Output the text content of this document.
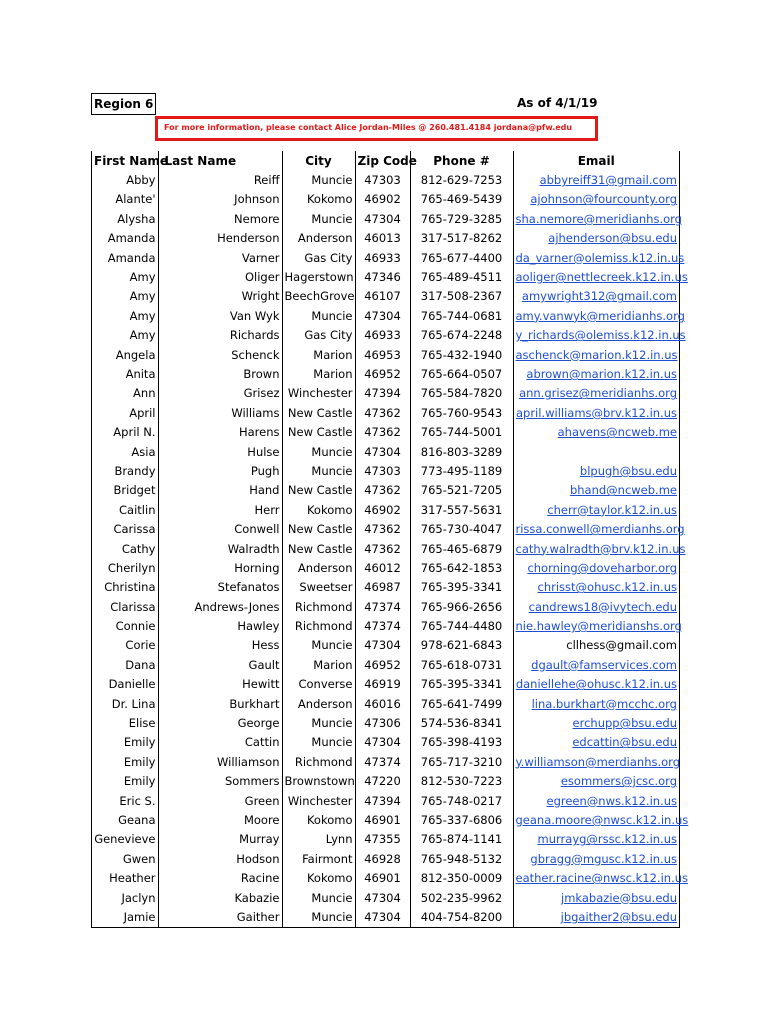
Region 6	As of 4/1/19
For more information, please contact Alice Jordan-Miles @ 260.481.4184 jordana@pfw.edu
First Name	Last Name	City	Zip Code	Phone #	Email
Abby	Reiff	Muncie	47303	812-629-7253	abbyreiff31@gmail.com
Alante'	Johnson	Kokomo	46902	765-469-5439	ajohnson@fourcounty.org
Alysha	Nemore	Muncie	47304	765-729-3285	sha.nemore@meridianhs.org
Amanda	Henderson	Anderson	46013	317-517-8262	ajhenderson@bsu.edu
Amanda	Varner	Gas City	46933	765-677-4400	da_varner@olemiss.k12.in.us
Amy	Oliger	Hagerstown	47346	765-489-4511	aoliger@nettlecreek.k12.in.us
Amy	Wright	BeechGrove	46107	317-508-2367	amywright312@gmail.com
Amy	Van Wyk	Muncie	47304	765-744-0681	amy.vanwyk@meridianhs.org
Amy	Richards	Gas City	46933	765-674-2248	y_richards@olemiss.k12.in.us
Angela	Schenck	Marion	46953	765-432-1940	aschenck@marion.k12.in.us
Anita	Brown	Marion	46952	765-664-0507	abrown@marion.k12.in.us
Ann	Grisez	Winchester	47394	765-584-7820	ann.grisez@meridianhs.org
April	Williams	New Castle	47362	765-760-9543	april.williams@brv.k12.in.us
April N.	Harens	New Castle	47362	765-744-5001	ahavens@ncweb.me
Asia	Hulse	Muncie	47304	816-803-3289	
Brandy	Pugh	Muncie	47303	773-495-1189	blpugh@bsu.edu
Bridget	Hand	New Castle	47362	765-521-7205	bhand@ncweb.me
Caitlin	Herr	Kokomo	46902	317-557-5631	cherr@taylor.k12.in.us
Carissa	Conwell	New Castle	47362	765-730-4047	rissa.conwell@merdianhs.org
Cathy	Walradth	New Castle	47362	765-465-6879	cathy.walradth@brv.k12.in.us
Cherilyn	Horning	Anderson	46012	765-642-1853	chorning@doveharbor.org
Christina	Stefanatos	Sweetser	46987	765-395-3341	chrisst@ohusc.k12.in.us
Clarissa	Andrews-Jones	Richmond	47374	765-966-2656	candrews18@ivytech.edu
Connie	Hawley	Richmond	47374	765-744-4480	nie.hawley@meridianshs.org
Corie	Hess	Muncie	47304	978-621-6843	cllhess@gmail.com
Dana	Gault	Marion	46952	765-618-0731	dgault@famservices.com
Danielle	Hewitt	Converse	46919	765-395-3341	daniellehe@ohusc.k12.in.us
Dr. Lina	Burkhart	Anderson	46016	765-641-7499	lina.burkhart@mcchc.org
Elise	George	Muncie	47306	574-536-8341	erchupp@bsu.edu
Emily	Cattin	Muncie	47304	765-398-4193	edcattin@bsu.edu
Emily	Williamson	Richmond	47374	765-717-3210	y.williamson@merdianhs.org
Emily	Sommers	Brownstown	47220	812-530-7223	esommers@jcsc.org
Eric S.	Green	Winchester	47394	765-748-0217	egreen@nws.k12.in.us
Geana	Moore	Kokomo	46901	765-337-6806	geana.moore@nwsc.k12.in.us
Genevieve	Murray	Lynn	47355	765-874-1141	murrayg@rssc.k12.in.us
Gwen	Hodson	Fairmont	46928	765-948-5132	gbragg@mgusc.k12.in.us
Heather	Racine	Kokomo	46901	812-350-0009	eather.racine@nwsc.k12.in.us
Jaclyn	Kabazie	Muncie	47304	502-235-9962	jmkabazie@bsu.edu
Jamie	Gaither	Muncie	47304	404-754-8200	jbgaither2@bsu.edu
